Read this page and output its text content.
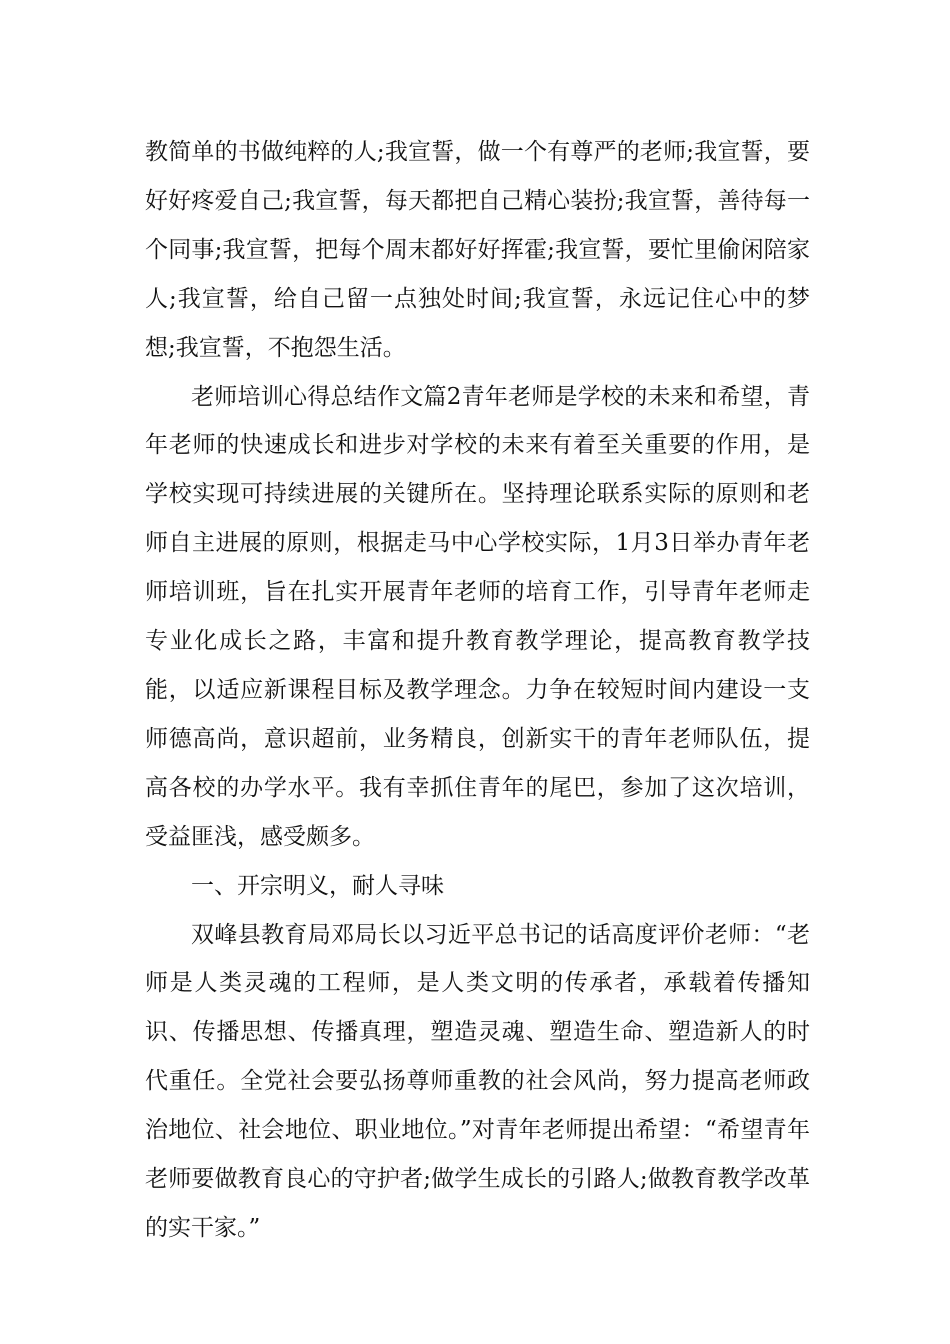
教简单的书做纯粹的人;我宣誓，做一个有尊严的老师;我宣誓，要好好疼爱自己;我宣誓，每天都把自己精心装扮;我宣誓，善待每一个同事;我宣誓，把每个周末都好好挥霍;我宣誓，要忙里偷闲陪家人;我宣誓，给自己留一点独处时间;我宣誓，永远记住心中的梦想;我宣誓，不抱怨生活。

老师培训心得总结作文篇2青年老师是学校的未来和希望，青年老师的快速成长和进步对学校的未来有着至关重要的作用，是学校实现可持续进展的关键所在。坚持理论联系实际的原则和老师自主进展的原则，根据走马中心学校实际，1月3日举办青年老师培训班，旨在扎实开展青年老师的培育工作，引导青年老师走专业化成长之路，丰富和提升教育教学理论，提高教育教学技能，以适应新课程目标及教学理念。力争在较短时间内建设一支师德高尚，意识超前，业务精良，创新实干的青年老师队伍，提高各校的办学水平。我有幸抓住青年的尾巴，参加了这次培训，受益匪浅，感受颇多。

一、开宗明义，耐人寻味

双峰县教育局邓局长以习近平总书记的话高度评价老师：“老师是人类灵魂的工程师，是人类文明的传承者，承载着传播知识、传播思想、传播真理，塑造灵魂、塑造生命、塑造新人的时代重任。全党社会要弘扬尊师重教的社会风尚，努力提高老师政治地位、社会地位、职业地位。”对青年老师提出希望：“希望青年老师要做教育良心的守护者;做学生成长的引路人;做教育教学改革的实干家。”
